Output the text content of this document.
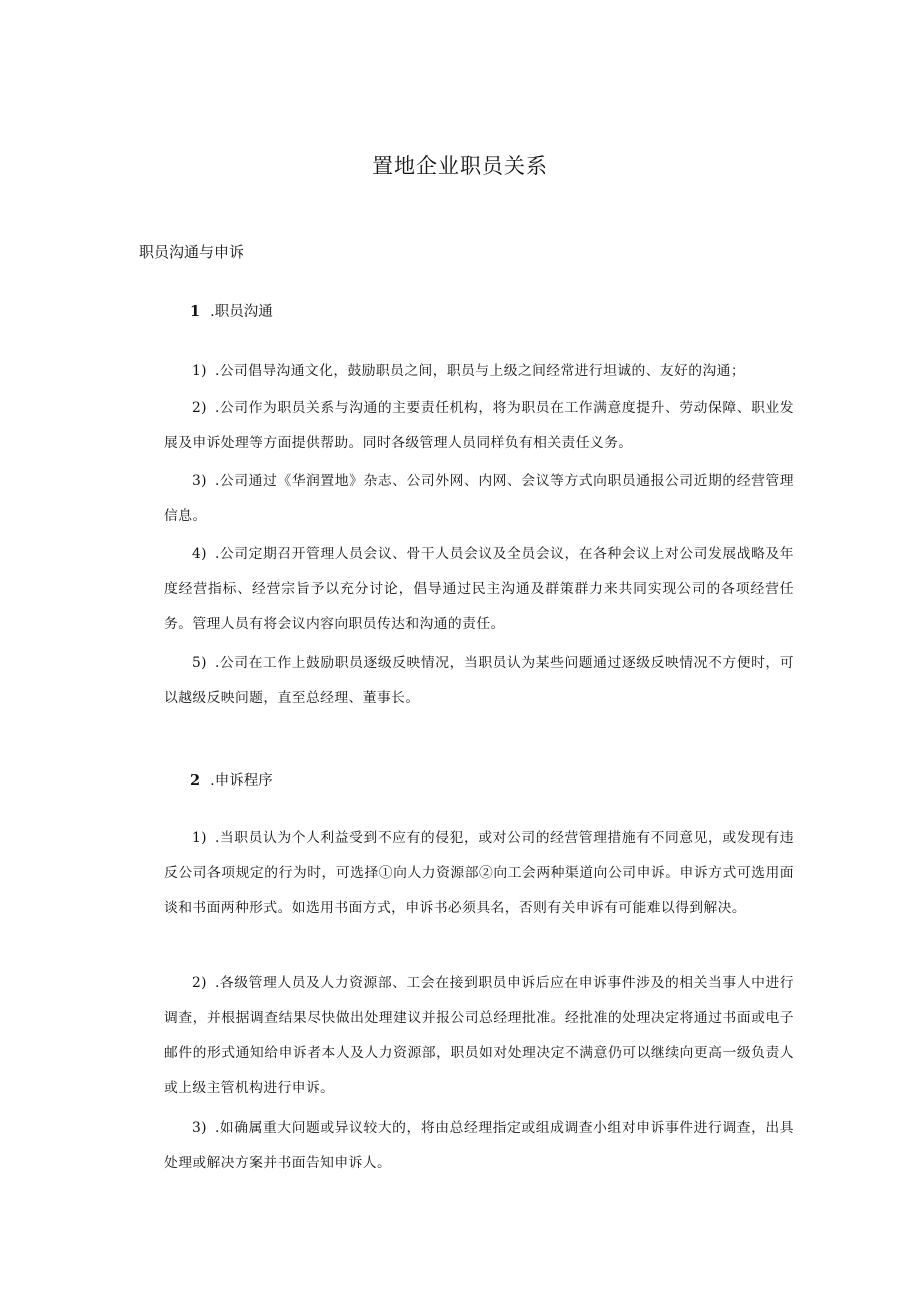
置地企业职员关系
职员沟通与申诉
1 .职员沟通
1) .公司倡导沟通文化，鼓励职员之间，职员与上级之间经常进行坦诚的、友好的沟通；
2) .公司作为职员关系与沟通的主要责任机构，将为职员在工作满意度提升、劳动保障、职业发展及申诉处理等方面提供帮助。同时各级管理人员同样负有相关责任义务。
3) .公司通过《华润置地》杂志、公司外网、内网、会议等方式向职员通报公司近期的经营管理信息。
4) .公司定期召开管理人员会议、骨干人员会议及全员会议，在各种会议上对公司发展战略及年度经营指标、经营宗旨予以充分讨论，倡导通过民主沟通及群策群力来共同实现公司的各项经营任务。管理人员有将会议内容向职员传达和沟通的责任。
5) .公司在工作上鼓励职员逐级反映情况，当职员认为某些问题通过逐级反映情况不方便时，可以越级反映问题，直至总经理、董事长。
2 .申诉程序
1) .当职员认为个人利益受到不应有的侵犯，或对公司的经营管理措施有不同意见，或发现有违反公司各项规定的行为时，可选择①向人力资源部②向工会两种渠道向公司申诉。申诉方式可选用面谈和书面两种形式。如选用书面方式，申诉书必须具名，否则有关申诉有可能难以得到解决。
2) .各级管理人员及人力资源部、工会在接到职员申诉后应在申诉事件涉及的相关当事人中进行调查，并根据调查结果尽快做出处理建议并报公司总经理批准。经批准的处理决定将通过书面或电子邮件的形式通知给申诉者本人及人力资源部，职员如对处理决定不满意仍可以继续向更高一级负责人或上级主管机构进行申诉。
3) .如确属重大问题或异议较大的，将由总经理指定或组成调查小组对申诉事件进行调查，出具处理或解决方案并书面告知申诉人。
